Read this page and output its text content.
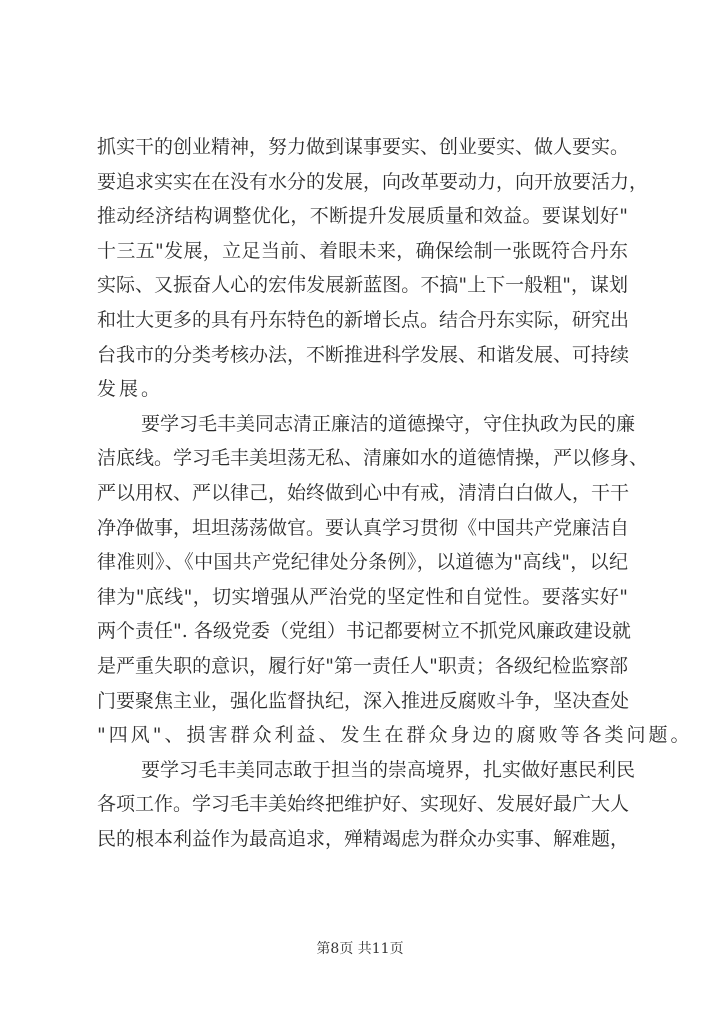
抓实干的创业精神，努力做到谋事要实、创业要实、做人要实。
要追求实实在在没有水分的发展，向改革要动力，向开放要活力，
推动经济结构调整优化，不断提升发展质量和效益。要谋划好"
十三五"发展，立足当前、着眼未来，确保绘制一张既符合丹东
实际、又振奋人心的宏伟发展新蓝图。不搞"上下一般粗"，谋划
和壮大更多的具有丹东特色的新增长点。结合丹东实际，研究出
台我市的分类考核办法，不断推进科学发展、和谐发展、可持续
发展。
要学习毛丰美同志清正廉洁的道德操守，守住执政为民的廉
洁底线。学习毛丰美坦荡无私、清廉如水的道德情操，严以修身、
严以用权、严以律己，始终做到心中有戒，清清白白做人，干干
净净做事，坦坦荡荡做官。要认真学习贯彻《中国共产党廉洁自
律准则》、《中国共产党纪律处分条例》，以道德为"高线"，以纪
律为"底线"，切实增强从严治党的坚定性和自觉性。要落实好"
两个责任". 各级党委（党组）书记都要树立不抓党风廉政建设就
是严重失职的意识，履行好"第一责任人"职责；各级纪检监察部
门要聚焦主业，强化监督执纪，深入推进反腐败斗争，坚决查处
"四风"、损害群众利益、发生在群众身边的腐败等各类问题。
要学习毛丰美同志敢于担当的崇高境界，扎实做好惠民利民
各项工作。学习毛丰美始终把维护好、实现好、发展好最广大人
民的根本利益作为最高追求，殚精竭虑为群众办实事、解难题，
第8页 共11页
